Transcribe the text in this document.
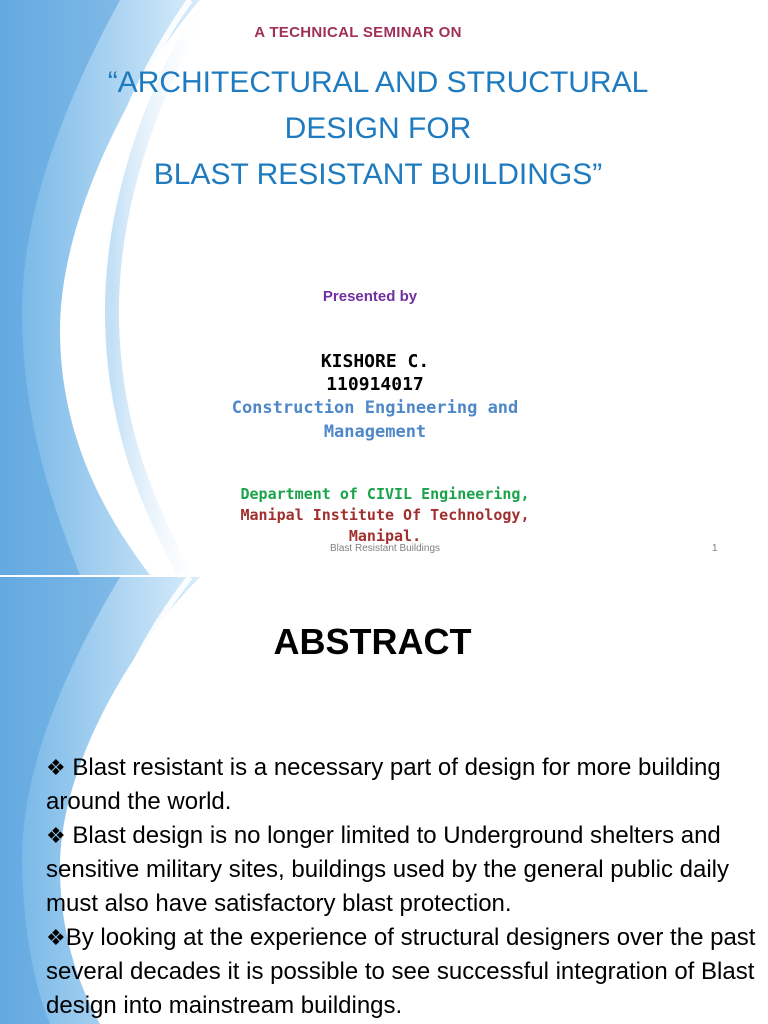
A TECHNICAL SEMINAR ON
“ARCHITECTURAL AND STRUCTURAL
DESIGN FOR
BLAST RESISTANT BUILDINGS”
Presented by
KISHORE C.
110914017
Construction Engineering and Management
Department of CIVIL Engineering,
Manipal Institute Of Technology,
Manipal.
Blast Resistant Buildings	1
ABSTRACT
❖ Blast resistant is a necessary part of design for more building around the world.
❖ Blast design is no longer limited to Underground shelters and sensitive military sites, buildings used by the general public daily must also have satisfactory blast protection.
❖By looking at the experience of structural designers over the past several decades it is possible to see successful integration of Blast design into mainstream buildings.
